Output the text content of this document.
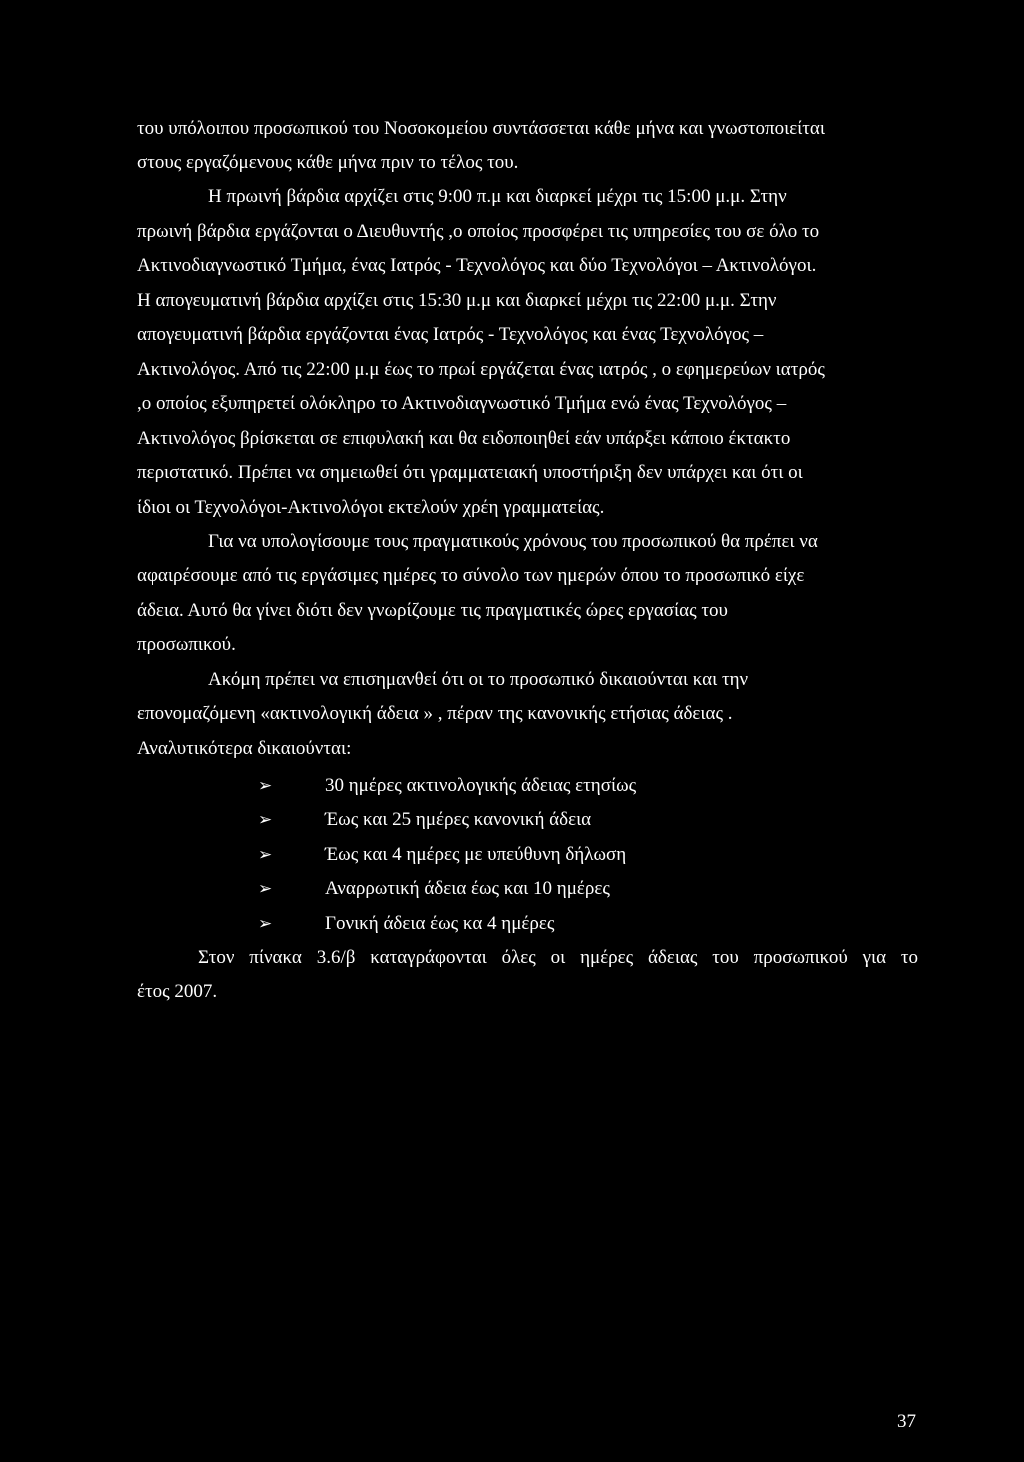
του υπόλοιπου προσωπικού του Νοσοκομείου συντάσσεται κάθε μήνα και γνωστοποιείται
στους εργαζόμενους κάθε μήνα πριν το τέλος του.
Η πρωινή βάρδια αρχίζει στις 9:00 π.μ και διαρκεί μέχρι τις 15:00 μ.μ. Στην
πρωινή βάρδια εργάζονται ο Διευθυντής ,ο οποίος προσφέρει τις υπηρεσίες του σε όλο το
Ακτινοδιαγνωστικό Τμήμα, ένας Ιατρός - Τεχνολόγος και δύο Τεχνολόγοι – Ακτινολόγοι.
Η απογευματινή βάρδια αρχίζει στις 15:30 μ.μ και διαρκεί μέχρι τις 22:00 μ.μ. Στην
απογευματινή βάρδια εργάζονται ένας Ιατρός - Τεχνολόγος και ένας Τεχνολόγος –
Ακτινολόγος. Από τις 22:00 μ.μ έως το πρωί εργάζεται ένας ιατρός , ο εφημερεύων ιατρός
,ο οποίος εξυπηρετεί ολόκληρο το Ακτινοδιαγνωστικό Τμήμα ενώ ένας Τεχνολόγος –
Ακτινολόγος βρίσκεται σε επιφυλακή και θα ειδοποιηθεί εάν υπάρξει κάποιο έκτακτο
περιστατικό. Πρέπει να σημειωθεί ότι γραμματειακή υποστήριξη δεν υπάρχει και ότι οι
ίδιοι οι Τεχνολόγοι-Ακτινολόγοι εκτελούν χρέη γραμματείας.
Για να υπολογίσουμε τους πραγματικούς χρόνους του προσωπικού θα πρέπει να
αφαιρέσουμε από τις εργάσιμες ημέρες το σύνολο των ημερών όπου το προσωπικό είχε
άδεια. Αυτό θα γίνει διότι δεν γνωρίζουμε τις πραγματικές ώρες εργασίας του
προσωπικού.
Ακόμη πρέπει να επισημανθεί ότι οι το προσωπικό δικαιούνται και την
επονομαζόμενη «ακτινολογική άδεια » , πέραν της κανονικής ετήσιας άδειας .
Αναλυτικότερα δικαιούνται:
➢	30 ημέρες ακτινολογικής άδειας ετησίως
➢	Έως και 25 ημέρες κανονική άδεια
➢	Έως και 4 ημέρες με υπεύθυνη δήλωση
➢	Αναρρωτική άδεια έως και 10 ημέρες
➢	Γονική άδεια έως κα 4 ημέρες
Στον πίνακα 3.6/β καταγράφονται όλες οι ημέρες άδειας του προσωπικού για το
έτος 2007.
37
